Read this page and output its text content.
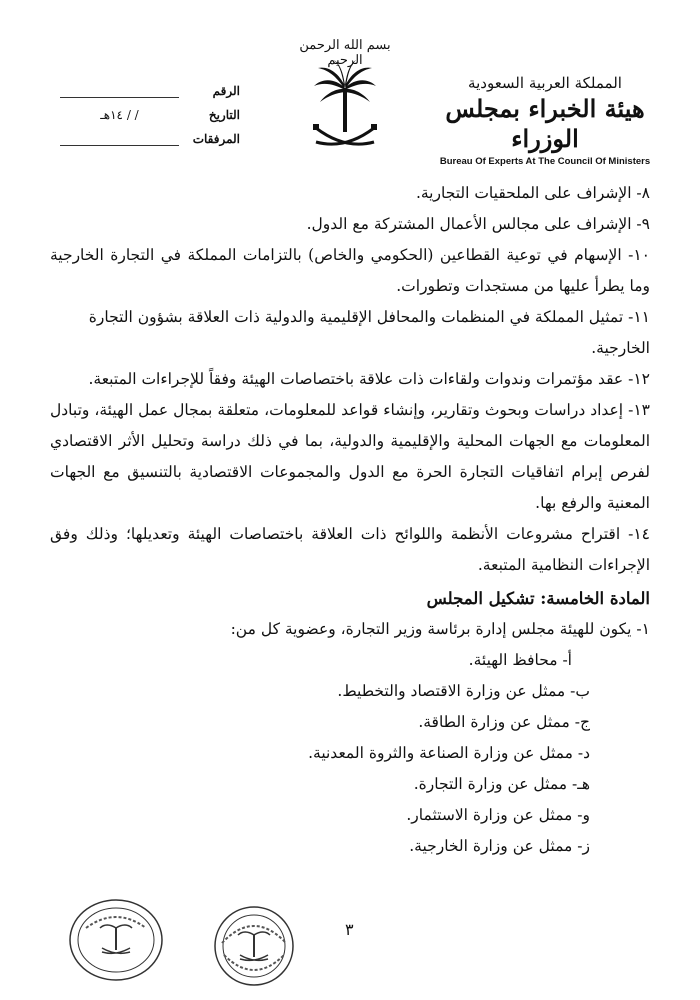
المملكة العربية السعودية

هيئة الخبراء بمجلس الوزراء

Bureau Of Experts At The Council Of Ministers
بسم الله الرحمن الرحيم
الرقم
التاريخ
/ / ١٤هـ
المرفقات

٨- الإشراف على الملحقيات التجارية.

٩- الإشراف على مجالس الأعمال المشتركة مع الدول.

١٠- الإسهام في توعية القطاعين (الحكومي والخاص) بالتزامات المملكة في التجارة الخارجية وما يطرأ عليها من مستجدات وتطورات.

١١- تمثيل المملكة في المنظمات والمحافل الإقليمية والدولية ذات العلاقة بشؤون التجارة الخارجية.

١٢- عقد مؤتمرات وندوات ولقاءات ذات علاقة باختصاصات الهيئة وفقاً للإجراءات المتبعة.

١٣- إعداد دراسات وبحوث وتقارير، وإنشاء قواعد للمعلومات، متعلقة بمجال عمل الهيئة، وتبادل المعلومات مع الجهات المحلية والإقليمية والدولية، بما في ذلك دراسة وتحليل الأثر الاقتصادي لفرص إبرام اتفاقيات التجارة الحرة مع الدول والمجموعات الاقتصادية بالتنسيق مع الجهات المعنية والرفع بها.

١٤- اقتراح مشروعات الأنظمة واللوائح ذات العلاقة باختصاصات الهيئة وتعديلها؛ وذلك وفق الإجراءات النظامية المتبعة.

المادة الخامسة: تشكيل المجلس

١- يكون للهيئة مجلس إدارة برئاسة وزير التجارة، وعضوية كل من:

أ- محافظ الهيئة.

ب- ممثل عن وزارة الاقتصاد والتخطيط.

ج- ممثل عن وزارة الطاقة.

د- ممثل عن وزارة الصناعة والثروة المعدنية.

هـ- ممثل عن وزارة التجارة.

و- ممثل عن وزارة الاستثمار.

ز- ممثل عن وزارة الخارجية.

٣
